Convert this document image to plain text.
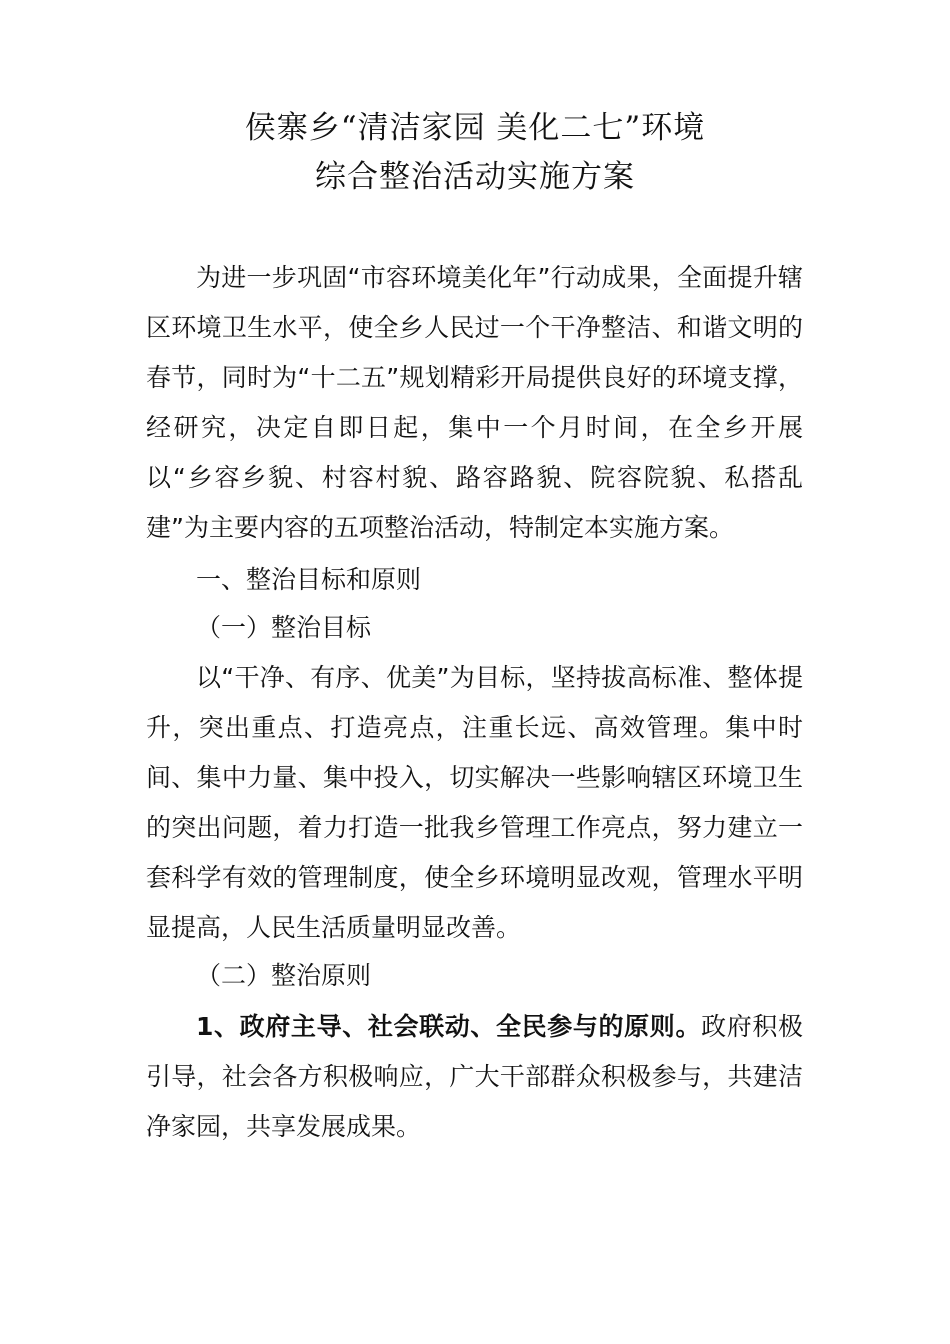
侯寨乡“清洁家园 美化二七”环境
综合整治活动实施方案

为进一步巩固“市容环境美化年”行动成果，全面提升辖区环境卫生水平，使全乡人民过一个干净整洁、和谐文明的春节，同时为“十二五”规划精彩开局提供良好的环境支撑，经研究，决定自即日起，集中一个月时间，在全乡开展以“乡容乡貌、村容村貌、路容路貌、院容院貌、私搭乱建”为主要内容的五项整治活动，特制定本实施方案。

一、整治目标和原则

（一）整治目标

以“干净、有序、优美”为目标，坚持拔高标准、整体提升，突出重点、打造亮点，注重长远、高效管理。集中时间、集中力量、集中投入，切实解决一些影响辖区环境卫生的突出问题，着力打造一批我乡管理工作亮点，努力建立一套科学有效的管理制度，使全乡环境明显改观，管理水平明显提高，人民生活质量明显改善。

（二）整治原则

1、政府主导、社会联动、全民参与的原则。政府积极引导，社会各方积极响应，广大干部群众积极参与，共建洁净家园，共享发展成果。
